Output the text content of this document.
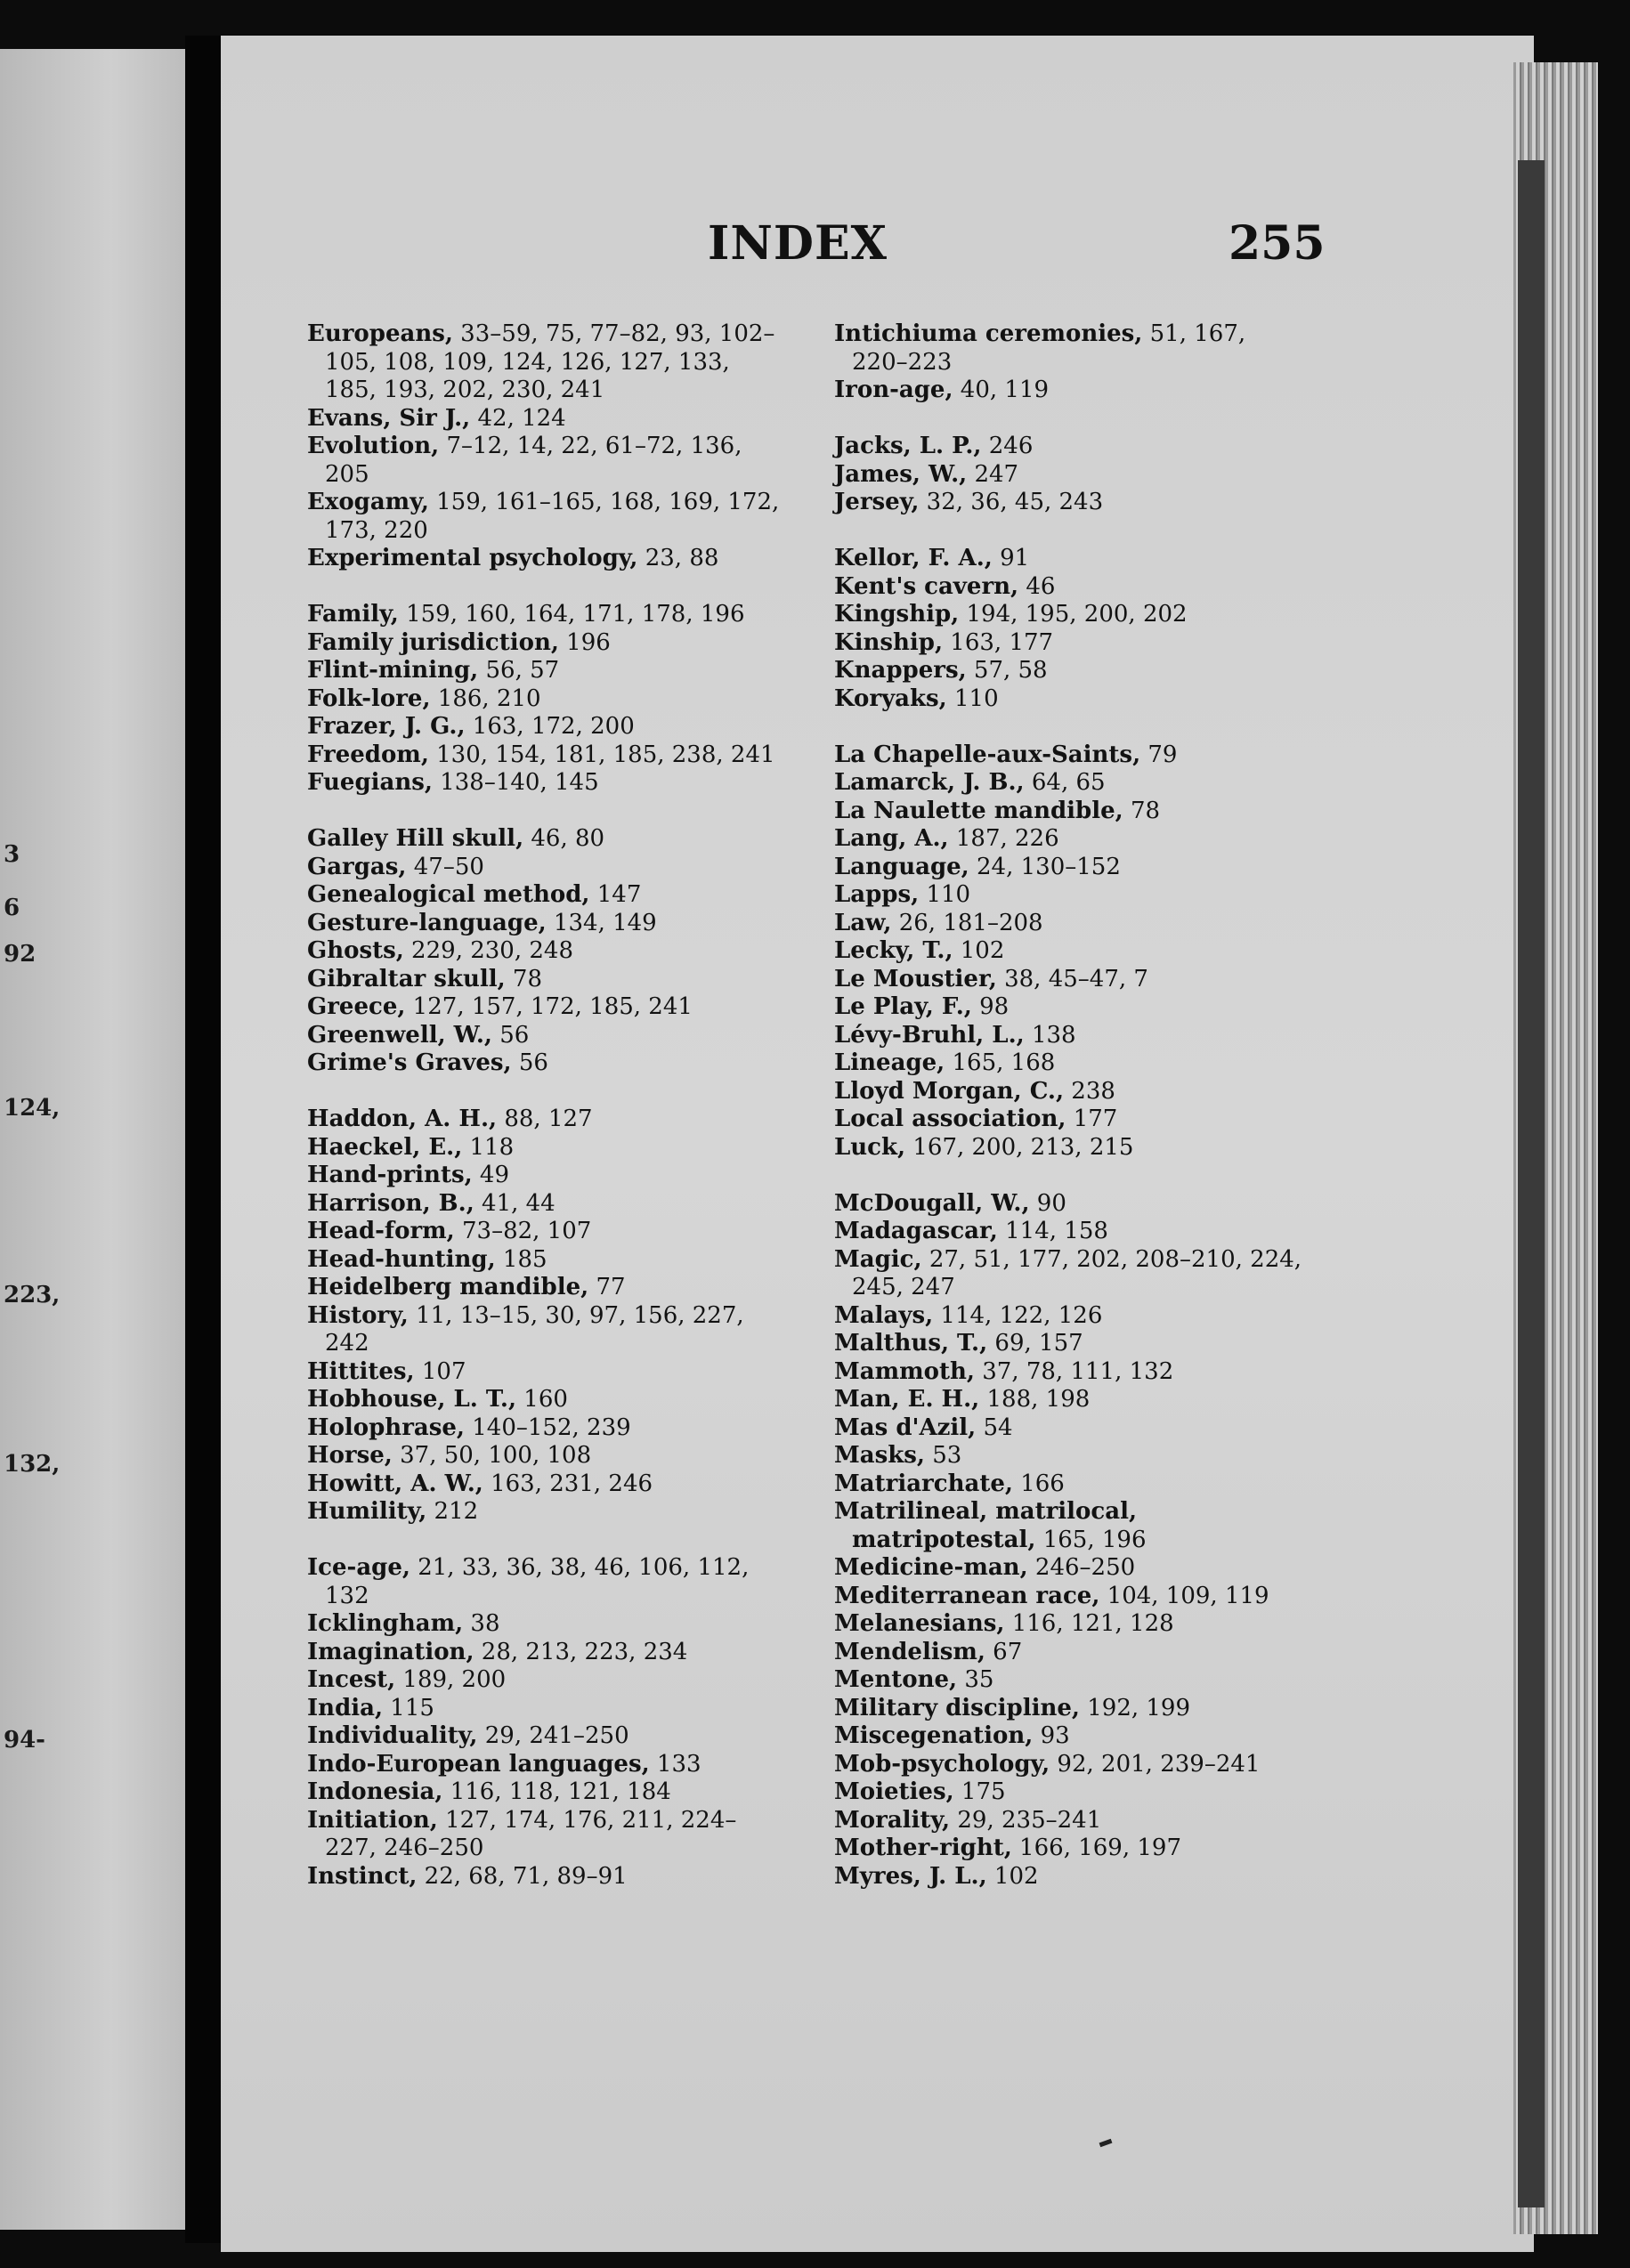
3
6
92
124,
223,
132,
94-
INDEX	255

Europeans, 33–59, 75, 77–82, 93, 102–105, 108, 109, 124, 126, 127, 133, 185, 193, 202, 230, 241

Evans, Sir J., 42, 124

Evolution, 7–12, 14, 22, 61–72, 136, 205

Exogamy, 159, 161–165, 168, 169, 172, 173, 220

Experimental psychology, 23, 88

Family, 159, 160, 164, 171, 178, 196

Family jurisdiction, 196

Flint-mining, 56, 57

Folk-lore, 186, 210

Frazer, J. G., 163, 172, 200

Freedom, 130, 154, 181, 185, 238, 241

Fuegians, 138–140, 145

Galley Hill skull, 46, 80

Gargas, 47–50

Genealogical method, 147

Gesture-language, 134, 149

Ghosts, 229, 230, 248

Gibraltar skull, 78

Greece, 127, 157, 172, 185, 241

Greenwell, W., 56

Grime's Graves, 56

Haddon, A. H., 88, 127

Haeckel, E., 118

Hand-prints, 49

Harrison, B., 41, 44

Head-form, 73–82, 107

Head-hunting, 185

Heidelberg mandible, 77

History, 11, 13–15, 30, 97, 156, 227, 242

Hittites, 107

Hobhouse, L. T., 160

Holophrase, 140–152, 239

Horse, 37, 50, 100, 108

Howitt, A. W., 163, 231, 246

Humility, 212

Ice-age, 21, 33, 36, 38, 46, 106, 112, 132

Icklingham, 38

Imagination, 28, 213, 223, 234

Incest, 189, 200

India, 115

Individuality, 29, 241–250

Indo-European languages, 133

Indonesia, 116, 118, 121, 184

Initiation, 127, 174, 176, 211, 224–227, 246–250

Instinct, 22, 68, 71, 89–91

Intichiuma ceremonies, 51, 167, 220–223

Iron-age, 40, 119

Jacks, L. P., 246

James, W., 247

Jersey, 32, 36, 45, 243

Kellor, F. A., 91

Kent's cavern, 46

Kingship, 194, 195, 200, 202

Kinship, 163, 177

Knappers, 57, 58

Koryaks, 110

La Chapelle-aux-Saints, 79

Lamarck, J. B., 64, 65

La Naulette mandible, 78

Lang, A., 187, 226

Language, 24, 130–152

Lapps, 110

Law, 26, 181–208

Lecky, T., 102

Le Moustier, 38, 45–47, 7

Le Play, F., 98

Lévy-Bruhl, L., 138

Lineage, 165, 168

Lloyd Morgan, C., 238

Local association, 177

Luck, 167, 200, 213, 215

McDougall, W., 90

Madagascar, 114, 158

Magic, 27, 51, 177, 202, 208–210, 224, 245, 247

Malays, 114, 122, 126

Malthus, T., 69, 157

Mammoth, 37, 78, 111, 132

Man, E. H., 188, 198

Mas d'Azil, 54

Masks, 53

Matriarchate, 166

Matrilineal, matrilocal, matripotestal, 165, 196

Medicine-man, 246–250

Mediterranean race, 104, 109, 119

Melanesians, 116, 121, 128

Mendelism, 67

Mentone, 35

Military discipline, 192, 199

Miscegenation, 93

Mob-psychology, 92, 201, 239–241

Moieties, 175

Morality, 29, 235–241

Mother-right, 166, 169, 197

Myres, J. L., 102
